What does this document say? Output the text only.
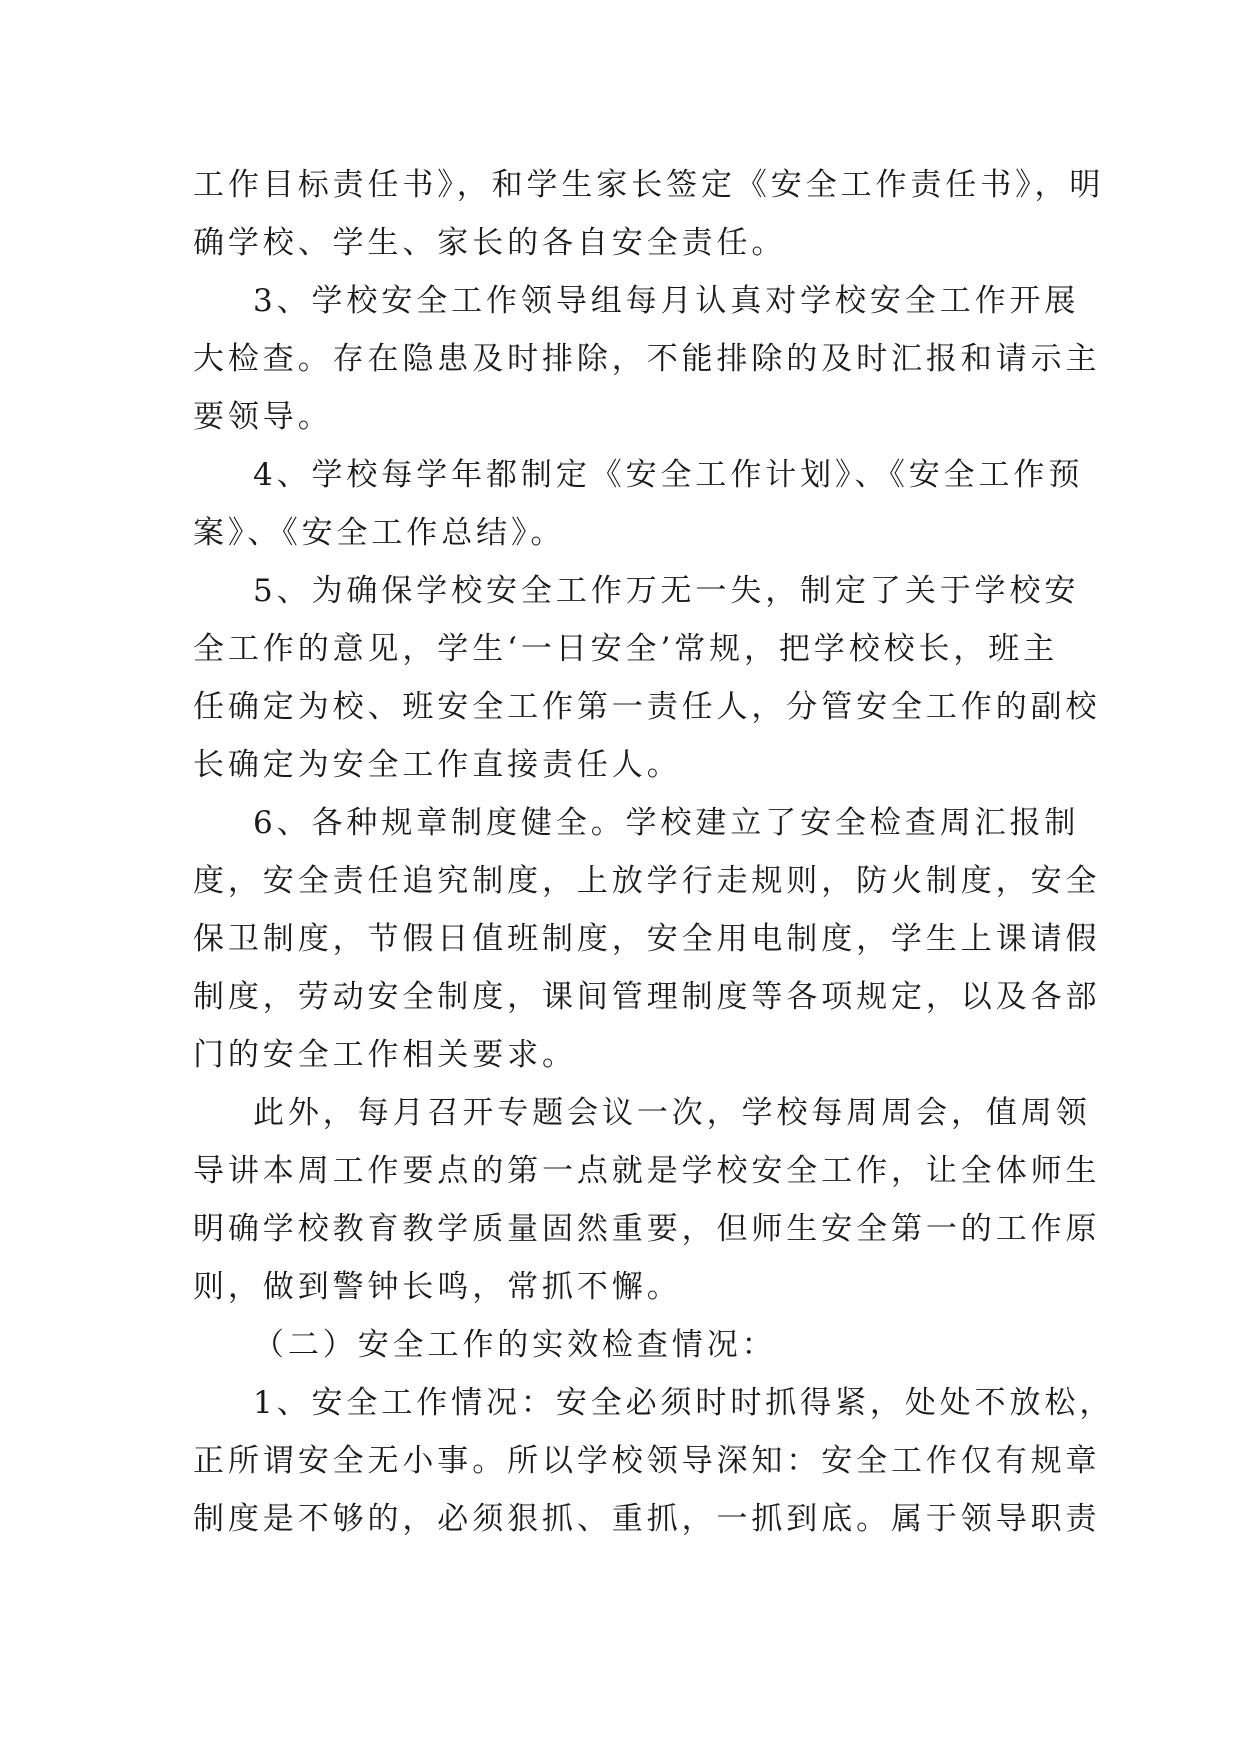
工作目标责任书》，和学生家长签定《安全工作责任书》，明
确学校、学生、家长的各自安全责任。
3、学校安全工作领导组每月认真对学校安全工作开展
大检查。存在隐患及时排除，不能排除的及时汇报和请示主
要领导。
4、学校每学年都制定《安全工作计划》、《安全工作预
案》、《安全工作总结》。
5、为确保学校安全工作万无一失，制定了关于学校安
全工作的意见，学生‘一日安全’常规，把学校校长，班主
任确定为校、班安全工作第一责任人，分管安全工作的副校
长确定为安全工作直接责任人。
6、各种规章制度健全。学校建立了安全检查周汇报制
度，安全责任追究制度，上放学行走规则，防火制度，安全
保卫制度，节假日值班制度，安全用电制度，学生上课请假
制度，劳动安全制度，课间管理制度等各项规定，以及各部
门的安全工作相关要求。
此外，每月召开专题会议一次，学校每周周会，值周领
导讲本周工作要点的第一点就是学校安全工作，让全体师生
明确学校教育教学质量固然重要，但师生安全第一的工作原
则，做到警钟长鸣，常抓不懈。
（二）安全工作的实效检查情况：
1、安全工作情况：安全必须时时抓得紧，处处不放松，
正所谓安全无小事。所以学校领导深知：安全工作仅有规章
制度是不够的，必须狠抓、重抓，一抓到底。属于领导职责
